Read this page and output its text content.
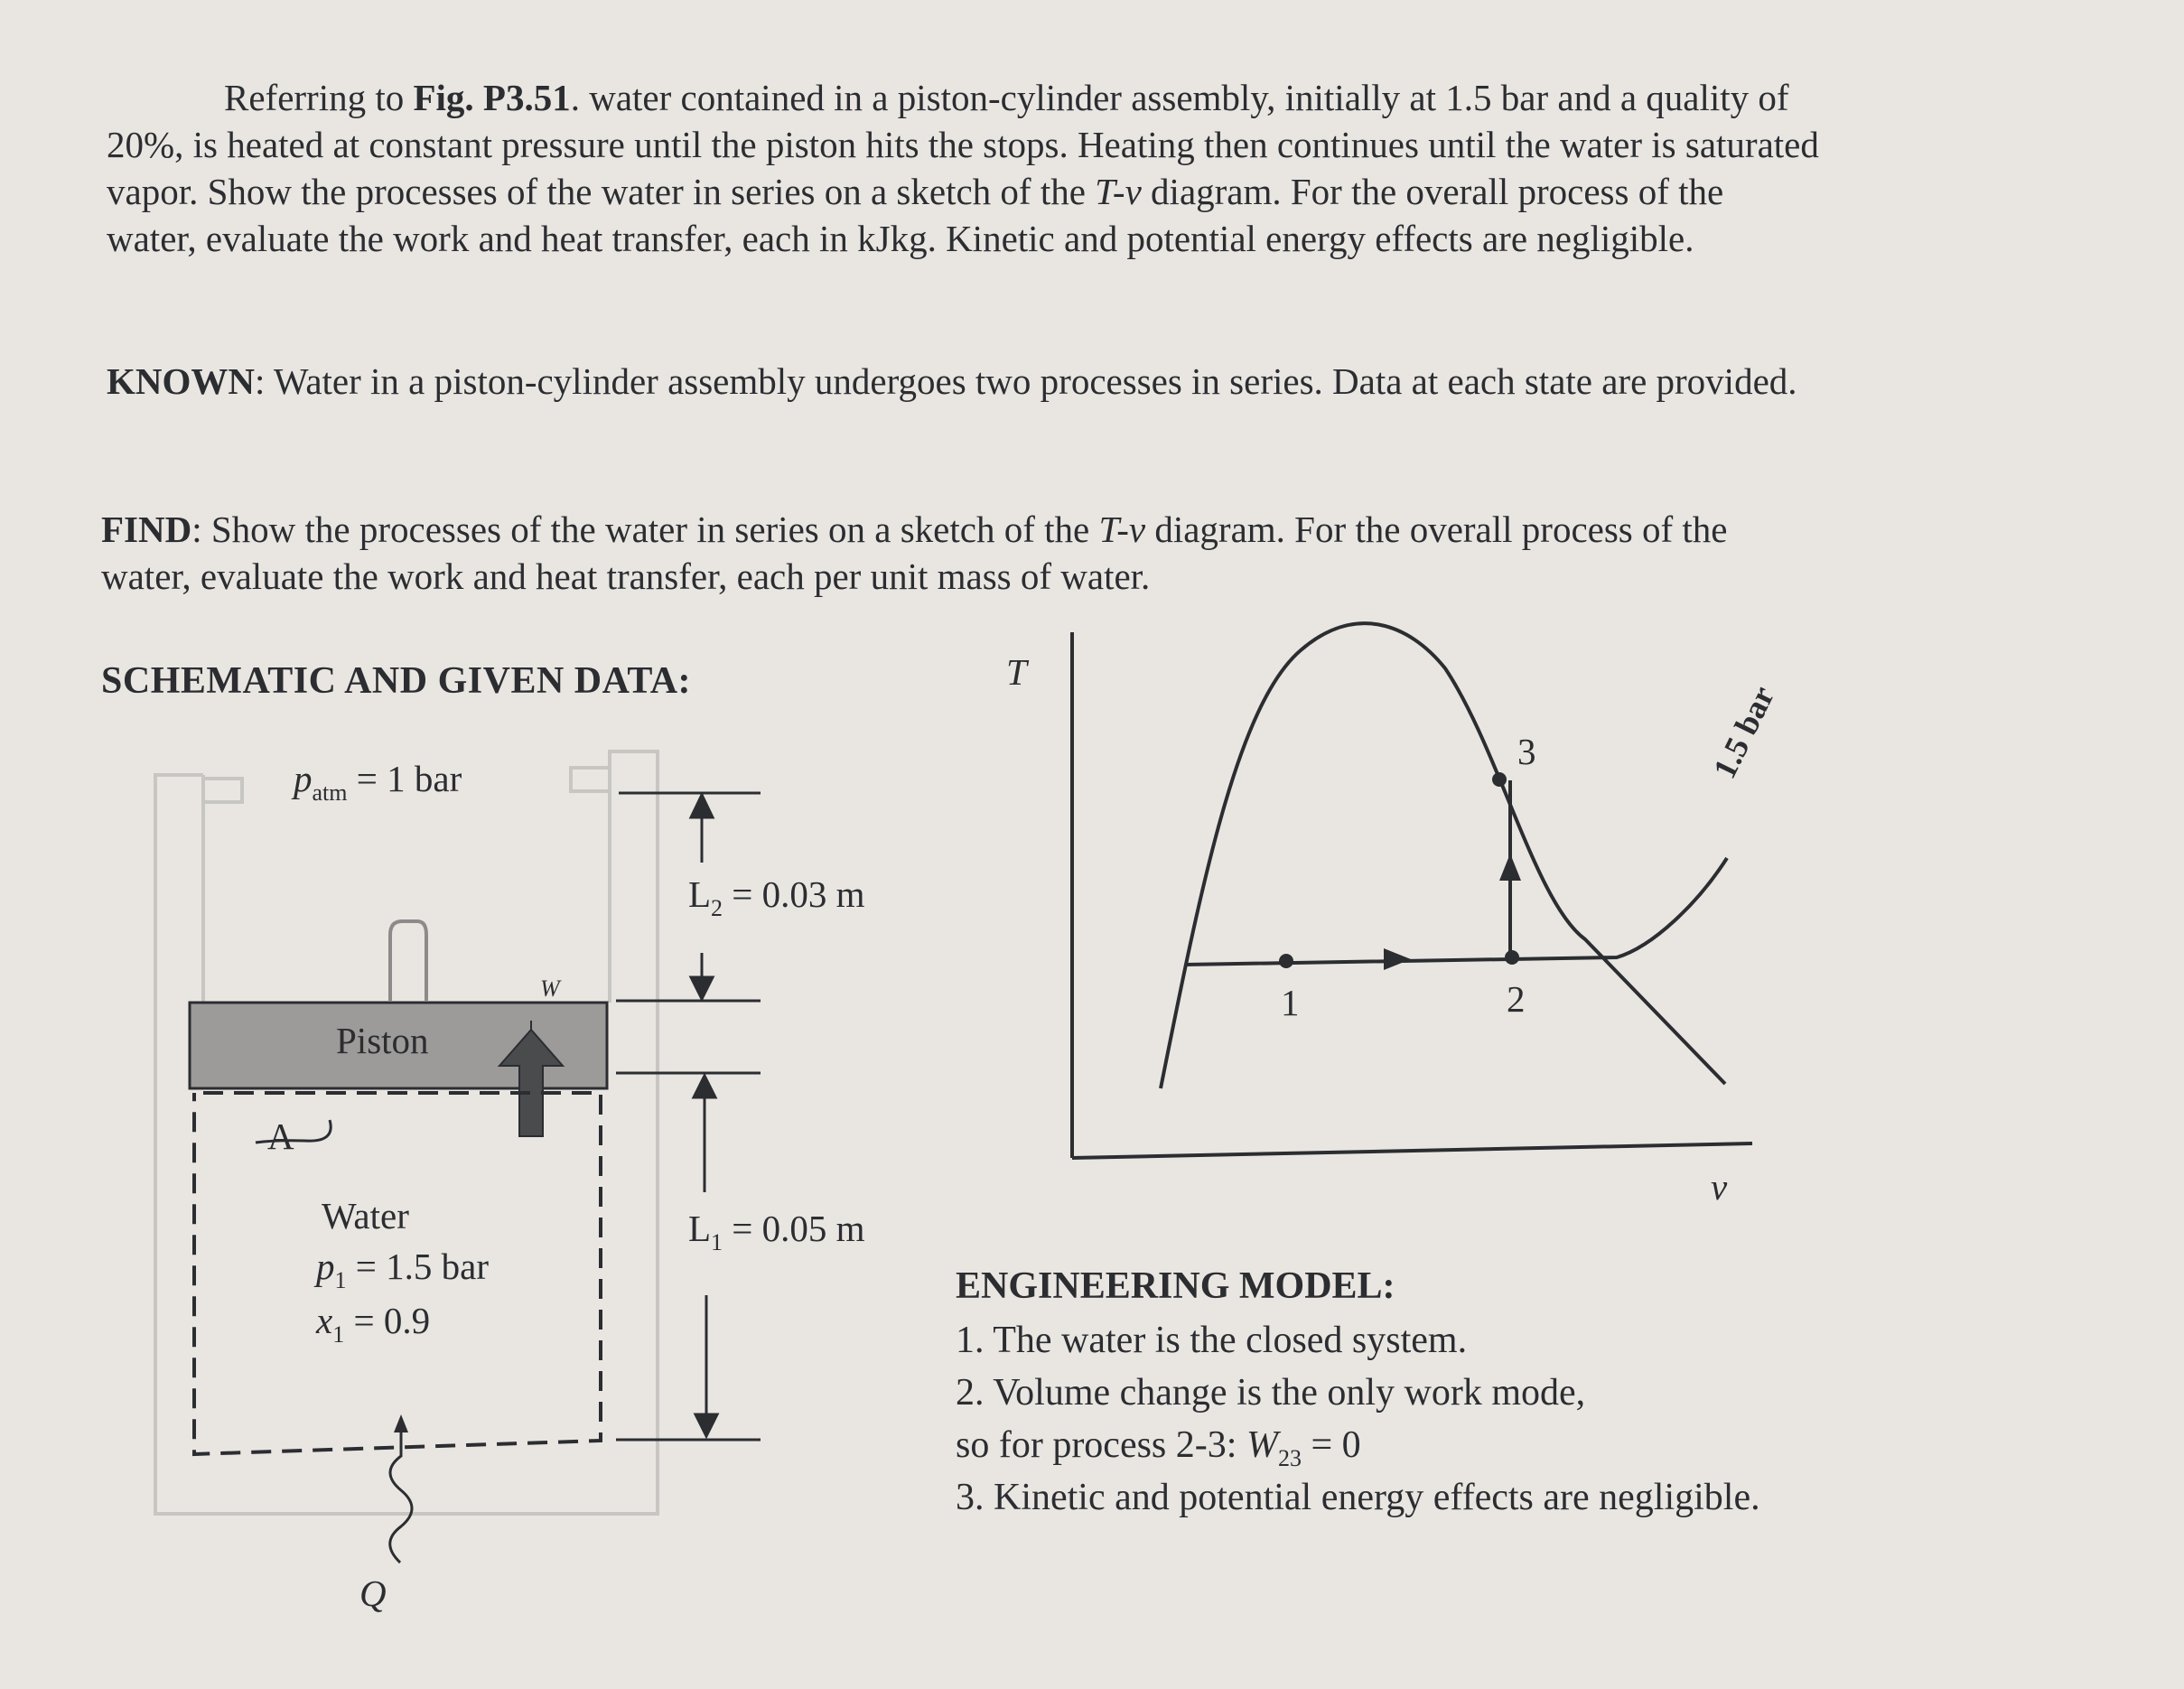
Referring to Fig. P3.51. water contained in a piston-cylinder assembly, initially at 1.5 bar and a quality of 20%, is heated at constant pressure until the piston hits the stops. Heating then continues until the water is saturated vapor. Show the processes of the water in series on a sketch of the T-v diagram. For the overall process of the water, evaluate the work and heat transfer, each in kJkg. Kinetic and potential energy effects are negligible.

KNOWN: Water in a piston-cylinder assembly undergoes two processes in series. Data at each state are provided.

FIND: Show the processes of the water in series on a sketch of the T-v diagram. For the overall process of the water, evaluate the work and heat transfer, each per unit mass of water.

SCHEMATIC AND GIVEN DATA:
$p_{atm} = 1$ bar
Piston
W
A
Water
$p_1 = 1.5$ bar
$x_1 = 0.9$
$L_2 = 0.03$ m
$L_1 = 0.05$ m
Q
T
v
1.5 bar
1	2
3
ENGINEERING MODEL:
1. The water is the closed system.
2. Volume change is the only work mode,
so for process 2-3: $W_{23} = 0$
3. Kinetic and potential energy effects are negligible.
